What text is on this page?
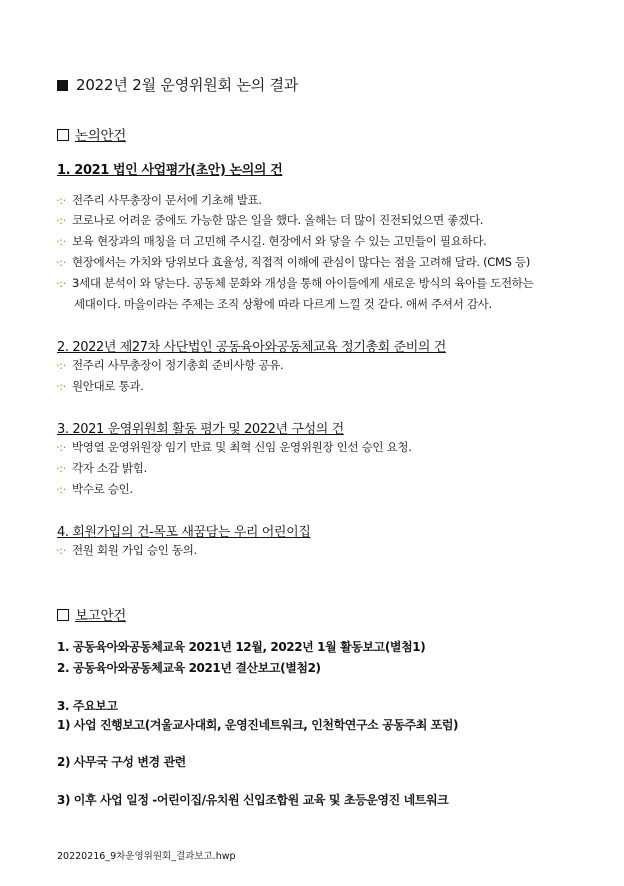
2022년 2월 운영위원회 논의 결과
논의안건
1. 2021 법인 사업평가(초안) 논의의 건
·:· 전주리 사무총장이 문서에 기초해 발표.
·:· 코로나로 어려운 중에도 가능한 많은 일을 했다. 올해는 더 많이 진전되었으면 좋겠다.
·:· 보육 현장과의 매칭을 더 고민해 주시길. 현장에서 와 닿을 수 있는 고민들이 필요하다.
·:· 현장에서는 가치와 당위보다 효율성, 직접적 이해에 관심이 많다는 점을 고려해 달라. (CMS 등)
·:· 3세대 분석이 와 닿는다. 공동체 문화와 개성을 통해 아이들에게 새로운 방식의 육아를 도전하는
세대이다. 마을이라는 주제는 조직 상황에 따라 다르게 느낄 것 같다. 애써 주셔서 감사.
2. 2022년 제27차 사단법인 공동육아와공동체교육 정기총회 준비의 건
·:· 전주리 사무총장이 정기총회 준비사항 공유.
·:· 원안대로 통과.
3. 2021 운영위원회 활동 평가 및 2022년 구성의 건
·:· 박영열 운영위원장 임기 만료 및 최혁 신임 운영위원장 인선 승인 요청.
·:· 각자 소감 밝힘.
·:· 박수로 승인.
4. 회원가입의 건-목포 새꿈담는 우리 어린이집
·:· 전원 회원 가입 승인 동의.
보고안건
1. 공동육아와공동체교육 2021년 12월, 2022년 1월 활동보고(별첨1)
2. 공동육아와공동체교육 2021년 결산보고(별첨2)
3. 주요보고
1) 사업 진행보고(겨울교사대회, 운영진네트워크, 인천학연구소 공동주최 포럼)
2) 사무국 구성 변경 관련
3) 이후 사업 일정 -어린이집/유치원 신입조합원 교육 및 초등운영진 네트워크
20220216_9차운영위원회_결과보고.hwp
